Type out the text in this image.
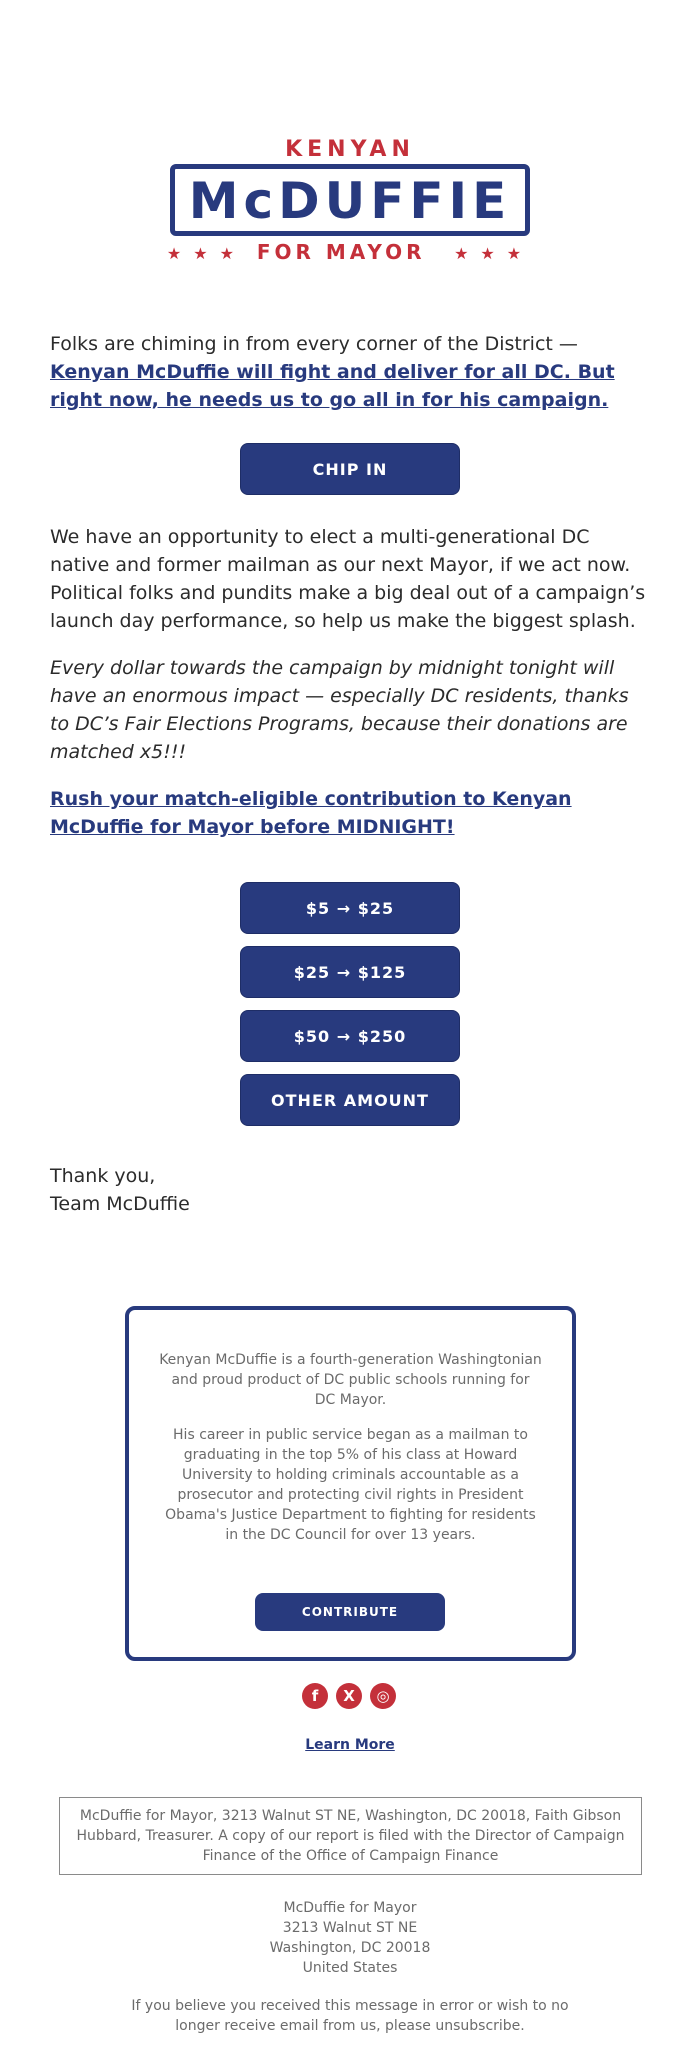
KENYAN
McDUFFIE
★★★ FOR MAYOR  ★★★

Folks are chiming in from every corner of the District — Kenyan McDuffie will fight and deliver for all DC. But right now, he needs us to go all in for his campaign.

CHIP IN

We have an opportunity to elect a multi-generational DC native and former mailman as our next Mayor, if we act now. Political folks and pundits make a big deal out of a campaign’s launch day performance, so help us make the biggest splash.

Every dollar towards the campaign by midnight tonight will have an enormous impact — especially DC residents, thanks to DC’s Fair Elections Programs, because their donations are matched x5!!!

Rush your match-eligible contribution to Kenyan McDuffie for Mayor before MIDNIGHT!

$5 → $25
$25 → $125
$50 → $250
OTHER AMOUNT

Thank you,

Team McDuffie

Kenyan McDuffie is a fourth-generation Washingtonian and proud product of DC public schools running for DC Mayor.

His career in public service began as a mailman to graduating in the top 5% of his class at Howard University to holding criminals accountable as a prosecutor and protecting civil rights in President Obama's Justice Department to fighting for residents in the DC Council for over 13 years.

CONTRIBUTE
f	X	◎
Learn More
McDuffie for Mayor, 3213 Walnut ST NE, Washington, DC 20018, Faith Gibson Hubbard, Treasurer. A copy of our report is filed with the Director of Campaign Finance of the Office of Campaign Finance
McDuffie for Mayor
3213 Walnut ST NE
Washington, DC 20018
United States
If you believe you received this message in error or wish to no longer receive email from us, please unsubscribe.
